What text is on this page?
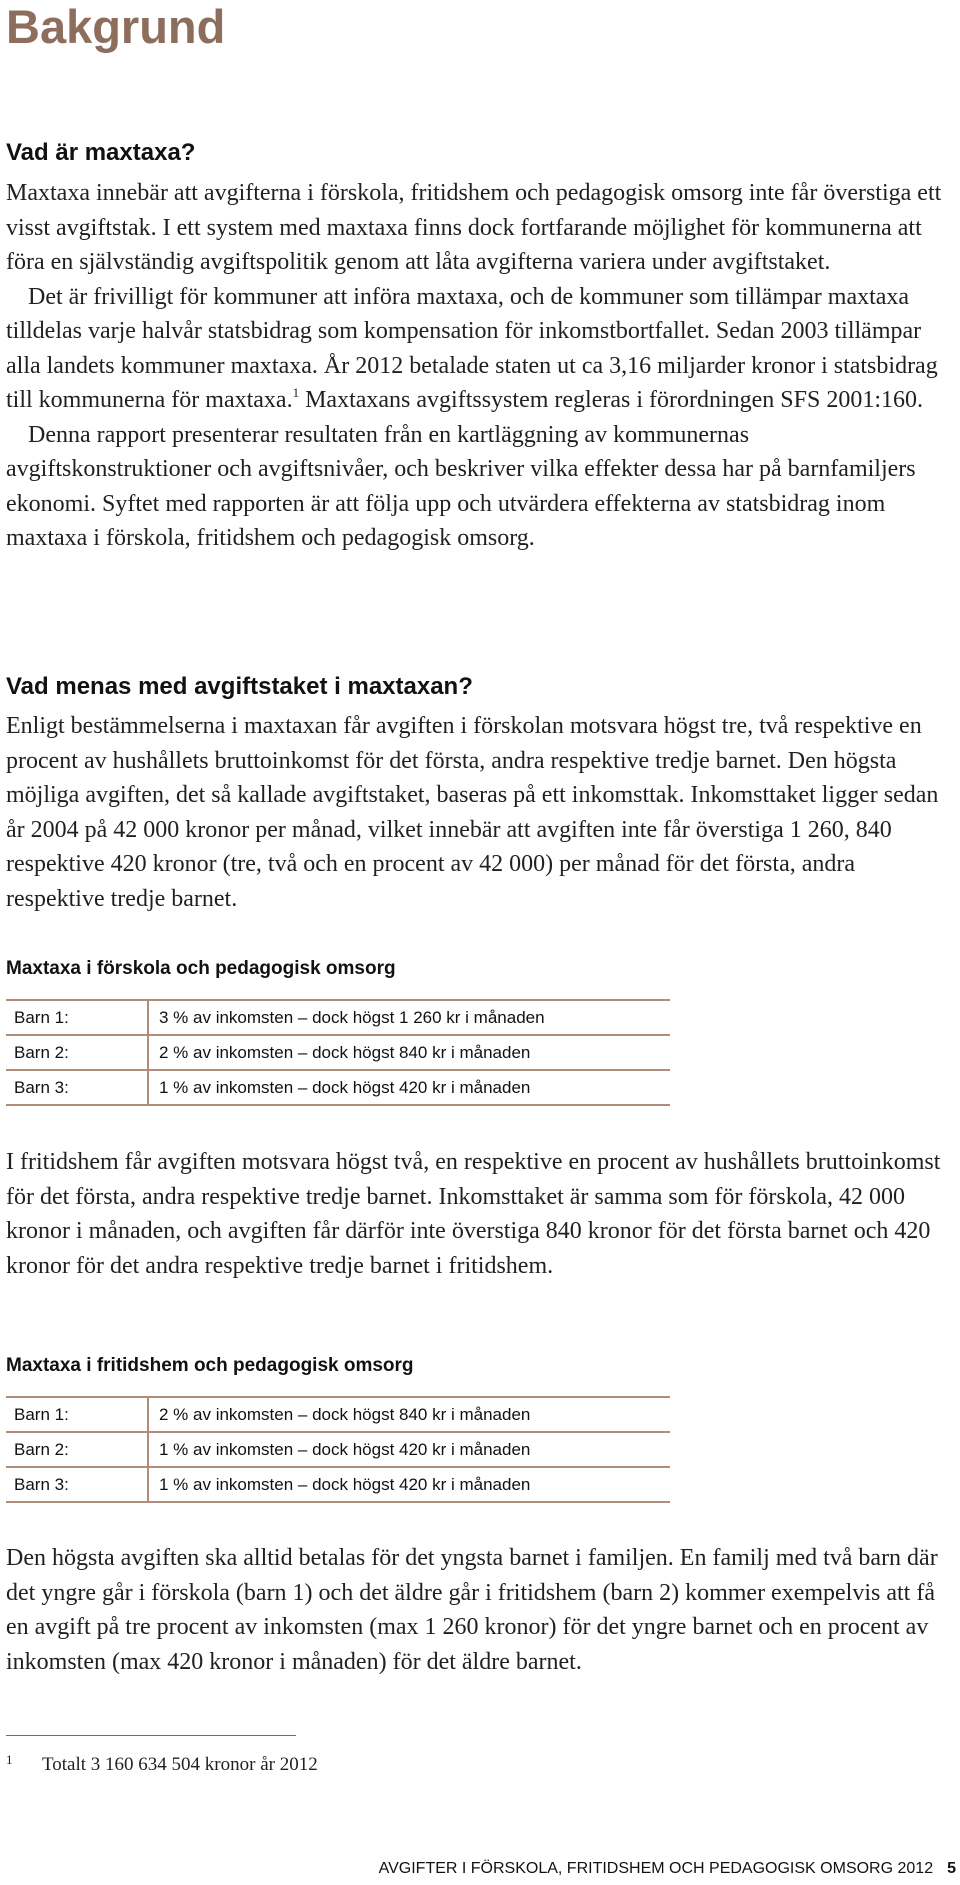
Bakgrund
Vad är maxtaxa?

Maxtaxa innebär att avgifterna i förskola, fritidshem och pedagogisk omsorg inte får överstiga ett visst avgiftstak. I ett system med maxtaxa finns dock fortfarande möjlighet för kommunerna att föra en självständig avgiftspolitik genom att låta avgifterna variera under avgiftstaket.

Det är frivilligt för kommuner att införa maxtaxa, och de kommuner som tillämpar maxtaxa tilldelas varje halvår statsbidrag som kompensation för inkomstbortfallet. Sedan 2003 tillämpar alla landets kommuner maxtaxa. År 2012 betalade staten ut ca 3,16 miljarder kronor i statsbidrag till kommunerna för maxtaxa.$^1$ Maxtaxans avgiftssystem regleras i förordningen SFS 2001:160.

Denna rapport presenterar resultaten från en kartläggning av kommunernas avgiftskonstruktioner och avgiftsnivåer, och beskriver vilka effekter dessa har på barnfamiljers ekonomi. Syftet med rapporten är att följa upp och utvärdera effekterna av statsbidrag inom maxtaxa i förskola, fritidshem och pedagogisk omsorg.

Vad menas med avgiftstaket i maxtaxan?

Enligt bestämmelserna i maxtaxan får avgiften i förskolan motsvara högst tre, två respektive en procent av hushållets bruttoinkomst för det första, andra respektive tredje barnet. Den högsta möjliga avgiften, det så kallade avgiftstaket, baseras på ett inkomsttak. Inkomsttaket ligger sedan år 2004 på 42 000 kronor per månad, vilket innebär att avgiften inte får överstiga 1 260, 840 respektive 420 kronor (tre, två och en procent av 42 000) per månad för det första, andra respektive tredje barnet.

Maxtaxa i förskola och pedagogisk omsorg
Barn 1:	3 % av inkomsten – dock högst 1 260 kr i månaden
Barn 2:	2 % av inkomsten – dock högst 840 kr i månaden
Barn 3:	1 % av inkomsten – dock högst 420 kr i månaden

I fritidshem får avgiften motsvara högst två, en respektive en procent av hushållets bruttoinkomst för det första, andra respektive tredje barnet. Inkomsttaket är samma som för förskola, 42 000 kronor i månaden, och avgiften får därför inte överstiga 840 kronor för det första barnet och 420 kronor för det andra respektive tredje barnet i fritidshem.

Maxtaxa i fritidshem och pedagogisk omsorg
Barn 1:	2 % av inkomsten – dock högst 840 kr i månaden
Barn 2:	1 % av inkomsten – dock högst 420 kr i månaden
Barn 3:	1 % av inkomsten – dock högst 420 kr i månaden

Den högsta avgiften ska alltid betalas för det yngsta barnet i familjen. En familj med två barn där det yngre går i förskola (barn 1) och det äldre går i fritidshem (barn 2) kommer exempelvis att få en avgift på tre procent av inkomsten (max 1 260 kronor) för det yngre barnet och en procent av inkomsten (max 420 kronor i månaden) för det äldre barnet.

1 Totalt 3 160 634 504 kronor år 2012
AVGIFTER I FÖRSKOLA, FRITIDSHEM OCH PEDAGOGISK OMSORG 2012 5
